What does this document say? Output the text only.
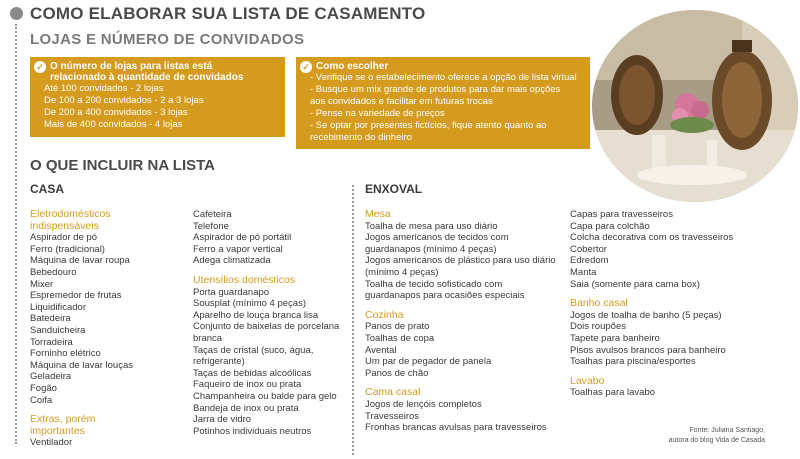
COMO ELABORAR SUA LISTA DE CASAMENTO
LOJAS E NÚMERO DE CONVIDADOS
✓ O número de lojas para listas está
relacionado à quantidade de convidados
Até 100 convidados - 2 lojas
De 100 a 200 convidados - 2 a 3 lojas
De 200 a 400 convidados - 3 lojas
Mais de 400 convidados - 4 lojas
✓ Como escolher
- Verifique se o estabelecimento oferece a opção de lista virtual
- Busque um mix grande de produtos para dar mais opções
aos convidados e facilitar em futuras trocas
- Pense na variedade de preços
- Se optar por presentes fictícios, fique atento quanto ao
recebimento do dinheiro
O QUE INCLUIR NA LISTA
CASA	ENXOVAL
Eletrodomésticos
indispensáveis
Aspirador de pó
Ferro (tradicional)
Máquina de lavar roupa
Bebedouro
Mixer
Espremedor de frutas
Liquidificador
Batedeira
Sanduicheira
Torradeira
Forninho elétrico
Máquina de lavar louças
Geladeira
Fogão
Coifa
Extras, porém
importantes
Ventilador
Cafeteira
Telefone
Aspirador de pó portátil
Ferro a vapor vertical
Adega climatizada
Utensílios domésticos
Porta guardanapo
Sousplat (mínimo 4 peças)
Aparelho de louça branca lisa
Conjunto de baixelas de porcelana
branca
Taças de cristal (suco, água,
refrigerante)
Taças de bebidas alcoólicas
Faqueiro de inox ou prata
Champanheira ou balde para gelo
Bandeja de inox ou prata
Jarra de vidro
Potinhos individuais neutros
Mesa
Toalha de mesa para uso diário
Jogos americanos de tecidos com
guardanapos (mínimo 4 peças)
Jogos americanos de plástico para uso diário
(mínimo 4 peças)
Toalha de tecido sofisticado com
guardanapos para ocasiões especiais
Cozinha
Panos de prato
Toalhas de copa
Avental
Um par de pegador de panela
Panos de chão
Cama casal
Jogos de lençóis completos
Travesseiros
Fronhas brancas avulsas para travesseiros
Capas para travesseiros
Capa para colchão
Colcha decorativa com os travesseiros
Cobertor
Edredom
Manta
Saia (somente para cama box)
Banho casal
Jogos de toalha de banho (5 peças)
Dois roupões
Tapete para banheiro
Pisos avulsos brancos para banheiro
Toalhas para piscina/esportes
Lavabo
Toalhas para lavabo
Fonte: Juliana Santiago,
autora do blog Vida de Casada
